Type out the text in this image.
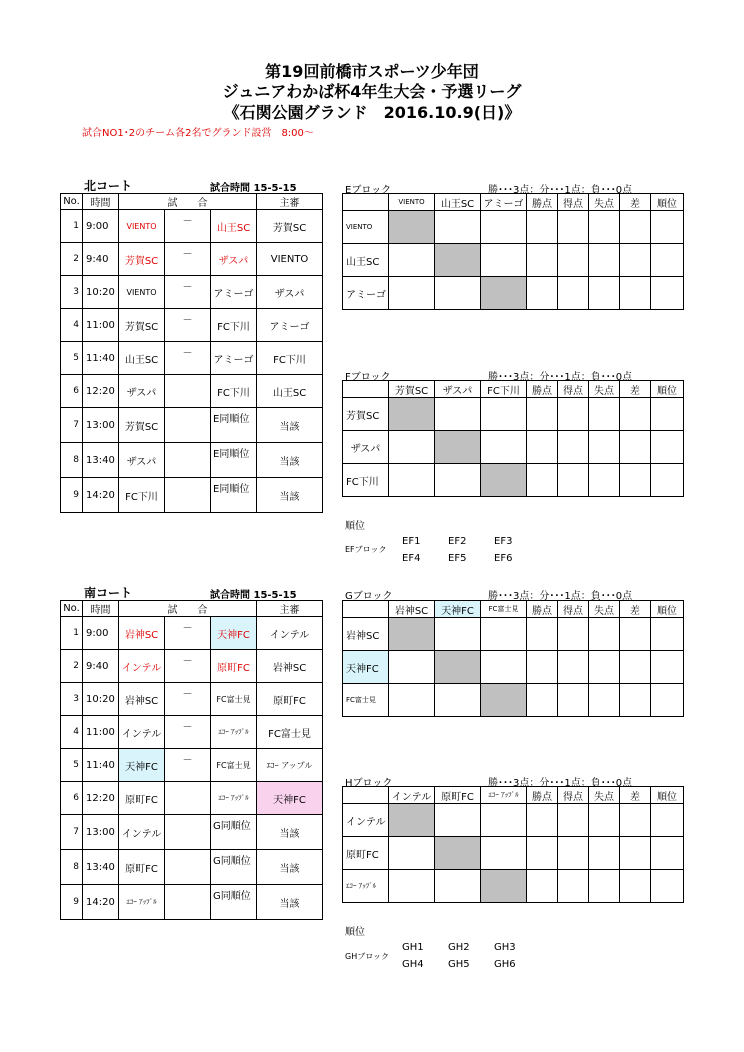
第19回前橋市スポーツ少年団
ジュニアわかば杯4年生大会・予選リーグ
《石関公園グランド　2016.10.9(日)》
試合NO1･2のチーム各2名でグランド設営　8:00～
北コート	試合時間 15-5-15
No.	時間	試　　合			主審
1	9:00	VIENTO	－	山王SC	芳賀SC
2	9:40	芳賀SC	－	ザスパ	VIENTO
3	10:20	VIENTO	－	アミーゴ	ザスパ
4	11:00	芳賀SC	－	FC下川	アミーゴ
5	11:40	山王SC	－	アミーゴ	FC下川
6	12:20	ザスパ		FC下川	山王SC
7	13:00	芳賀SC		E同順位	当該
8	13:40	ザスパ		E同順位	当該
9	14:20	FC下川		E同順位	当該
Eブロック	勝･･･3点：分･･･1点：負･･･0点
	VIENTO	山王SC	アミーゴ	勝点	得点	失点	差	順位
VIENTO								
山王SC								
アミーゴ								
Fブロック	勝･･･3点：分･･･1点：負･･･0点
	芳賀SC	ザスパ	FC下川	勝点	得点	失点	差	順位
芳賀SC								
ザスパ								
FC下川								
順位
EFブロック
EF1	EF2	EF3
EF4	EF5	EF6
南コート	試合時間 15-5-15
No.	時間	試　　合			主審
1	9:00	岩神SC	－	天神FC	インテル
2	9:40	インテル	－	原町FC	岩神SC
3	10:20	岩神SC	－	FC富士見	原町FC
4	11:00	インテル	－	ｴｺｰ ｱｯﾌﾟﾙ	FC富士見
5	11:40	天神FC	－	FC富士見	ｴｺｰ アップル
6	12:20	原町FC		ｴｺｰ ｱｯﾌﾟﾙ	天神FC
7	13:00	インテル		G同順位	当該
8	13:40	原町FC		G同順位	当該
9	14:20	ｴｺｰ ｱｯﾌﾟﾙ		G同順位	当該
Gブロック	勝･･･3点：分･･･1点：負･･･0点
	岩神SC	天神FC	FC富士見	勝点	得点	失点	差	順位
岩神SC								
天神FC								
FC富士見								
Hブロック	勝･･･3点：分･･･1点：負･･･0点
	インテル	原町FC	ｴｺｰ ｱｯﾌﾟﾙ	勝点	得点	失点	差	順位
インテル								
原町FC								
ｴｺｰ ｱｯﾌﾟﾙ								
順位
GHブロック
GH1 GH2 GH3
GH4 GH5 GH6
